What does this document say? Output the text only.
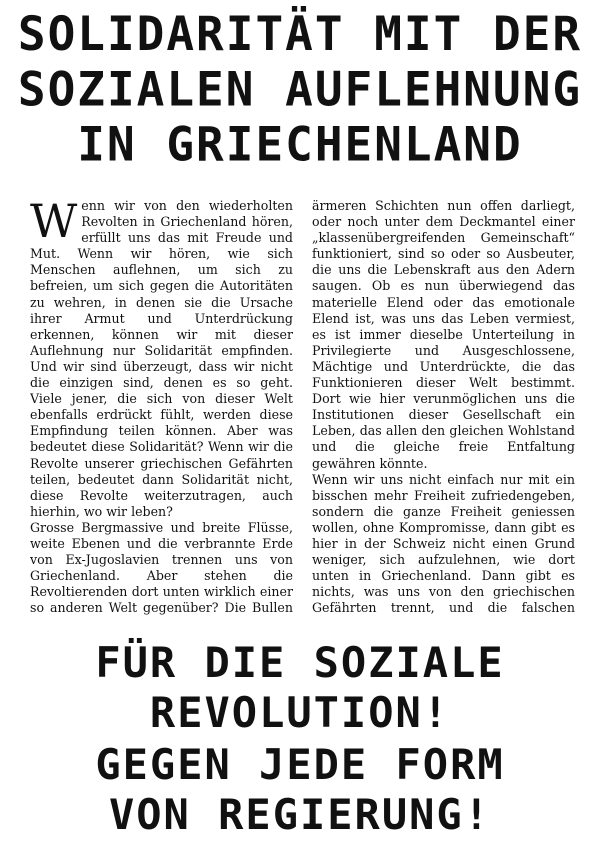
SOLIDARITÄT MIT DER
SOZIALEN AUFLEHNUNG
IN GRIECHENLAND

Wenn wir von den wiederholten Revolten in Griechenland hören, erfüllt uns das mit Freude und Mut. Wenn wir hören, wie sich Menschen auflehnen, um sich zu befreien, um sich gegen die Autoritäten zu wehren, in denen sie die Ursache ihrer Armut und Unterdrückung erkennen, können wir mit dieser Auflehnung nur Solidarität empfinden. Und wir sind überzeugt, dass wir nicht die einzigen sind, denen es so geht. Viele jener, die sich von dieser Welt ebenfalls erdrückt fühlt, werden diese Empfindung teilen können. Aber was bedeutet diese Solidarität? Wenn wir die Revolte unserer griechischen Gefährten teilen, bedeutet dann Solidarität nicht, diese Revolte weiterzutragen, auch hierhin, wo wir leben?

Grosse Bergmassive und breite Flüsse, weite Ebenen und die verbrannte Erde von Ex-Jugoslavien trennen uns von Griechenland. Aber stehen die Revoltierenden dort unten wirklich einer so anderen Welt gegenüber? Die Bullen

ärmeren Schichten nun offen darliegt, oder noch unter dem Deckmantel einer „klassenübergreifenden Gemeinschaft“ funktioniert, sind so oder so Ausbeuter, die uns die Lebenskraft aus den Adern saugen. Ob es nun überwiegend das materielle Elend oder das emotionale Elend ist, was uns das Leben vermiest, es ist immer dieselbe Unterteilung in Privilegierte und Ausgeschlossene, Mächtige und Unterdrückte, die das Funktionieren dieser Welt bestimmt. Dort wie hier verunmöglichen uns die Institutionen dieser Gesellschaft ein Leben, das allen den gleichen Wohlstand und die gleiche freie Entfaltung gewähren könnte.

Wenn wir uns nicht einfach nur mit ein bisschen mehr Freiheit zufriedengeben, sondern die ganze Freiheit geniessen wollen, ohne Kompromisse, dann gibt es hier in der Schweiz nicht einen Grund weniger, sich aufzulehnen, wie dort unten in Griechenland. Dann gibt es nichts, was uns von den griechischen Gefährten trennt, und die falschen

FÜR DIE SOZIALE
REVOLUTION!
GEGEN JEDE FORM
VON REGIERUNG!
